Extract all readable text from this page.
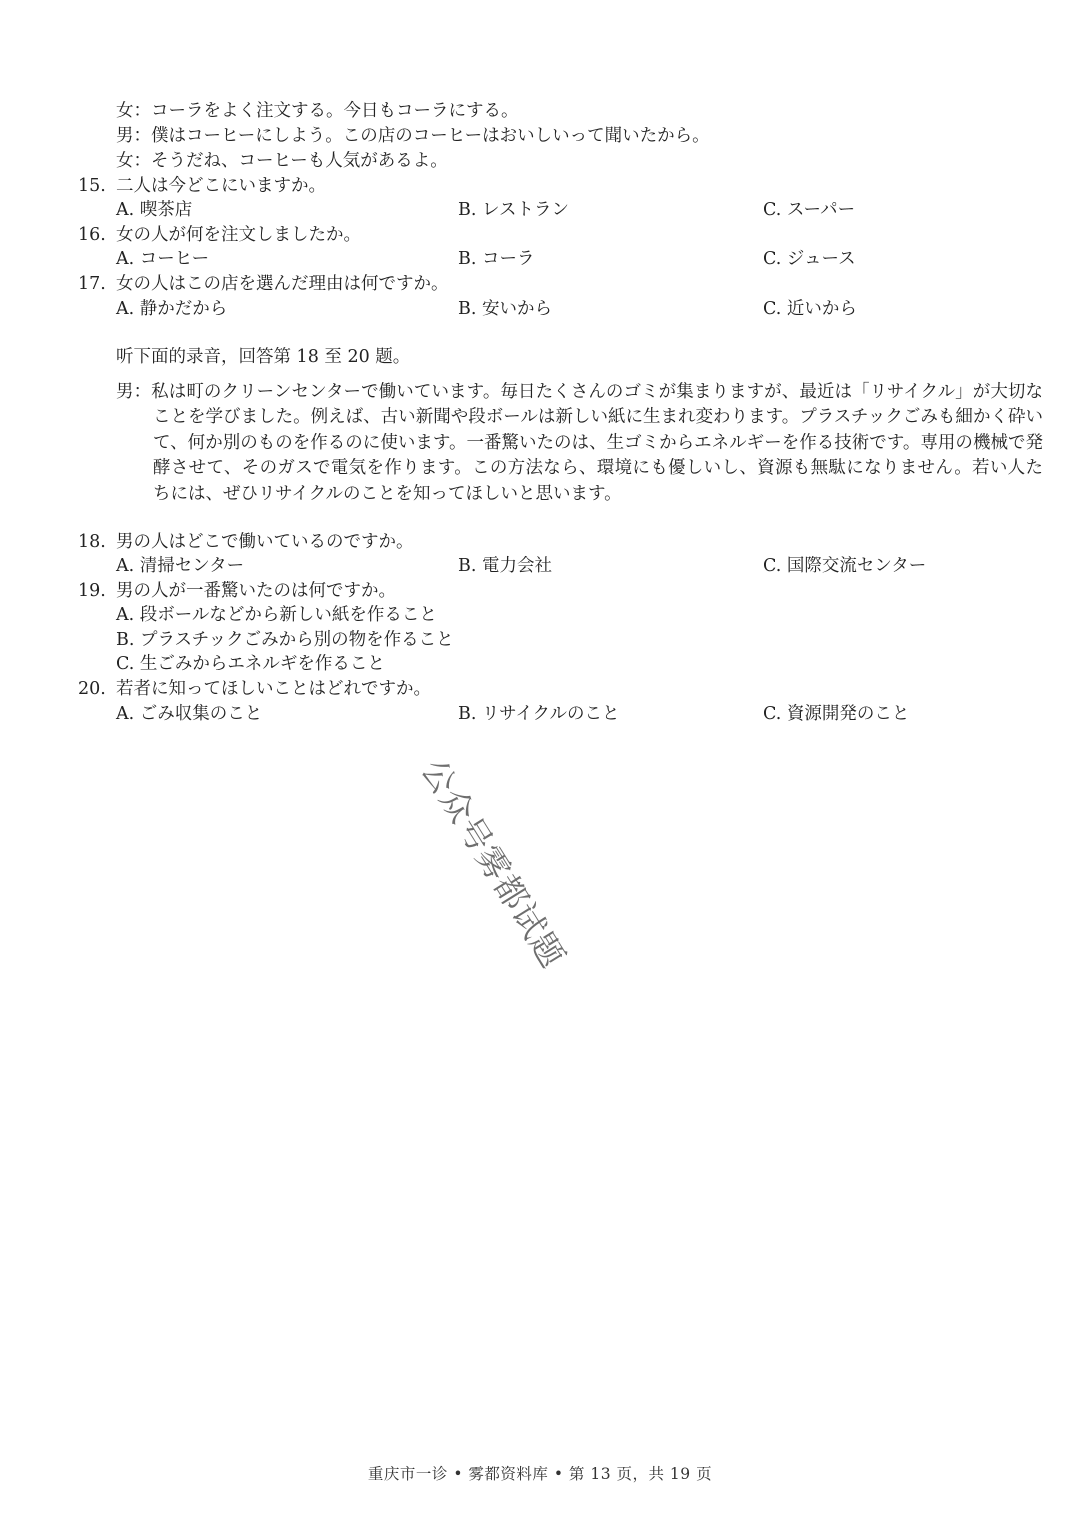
女：コーラをよく注文する。今日もコーラにする。
男：僕はコーヒーにしよう。この店のコーヒーはおいしいって聞いたから。
女：そうだね、コーヒーも人気があるよ。
15. 二人は今どこにいますか。
A. 喫茶店	B. レストラン	C. スーパー
16. 女の人が何を注文しましたか。
A. コーヒー	B. コーラ	C. ジュース
17. 女の人はこの店を選んだ理由は何ですか。
A. 静かだから	B. 安いから	C. 近いから
听下面的录音，回答第 18 至 20 题。
男：私は町のクリーンセンターで働いています。毎日たくさんのゴミが集まりますが、最近は「リサイクル」が大切なことを学びました。例えば、古い新聞や段ボールは新しい紙に生まれ変わります。プラスチックごみも細かく砕いて、何か別のものを作るのに使います。一番驚いたのは、生ゴミからエネルギーを作る技術です。専用の機械で発酵させて、そのガスで電気を作ります。この方法なら、環境にも優しいし、資源も無駄になりません。若い人たちには、ぜひリサイクルのことを知ってほしいと思います。
18. 男の人はどこで働いているのですか。
A. 清掃センター	B. 電力会社	C. 国際交流センター
19. 男の人が一番驚いたのは何ですか。
A. 段ボールなどから新しい紙を作ること
B. プラスチックごみから別の物を作ること
C. 生ごみからエネルギを作ること
20. 若者に知ってほしいことはどれですか。
A. ごみ収集のこと	B. リサイクルのこと	C. 資源開発のこと
公众号雾都试题
重庆市一诊 • 雾都资料库 • 第 13 页，共 19 页
